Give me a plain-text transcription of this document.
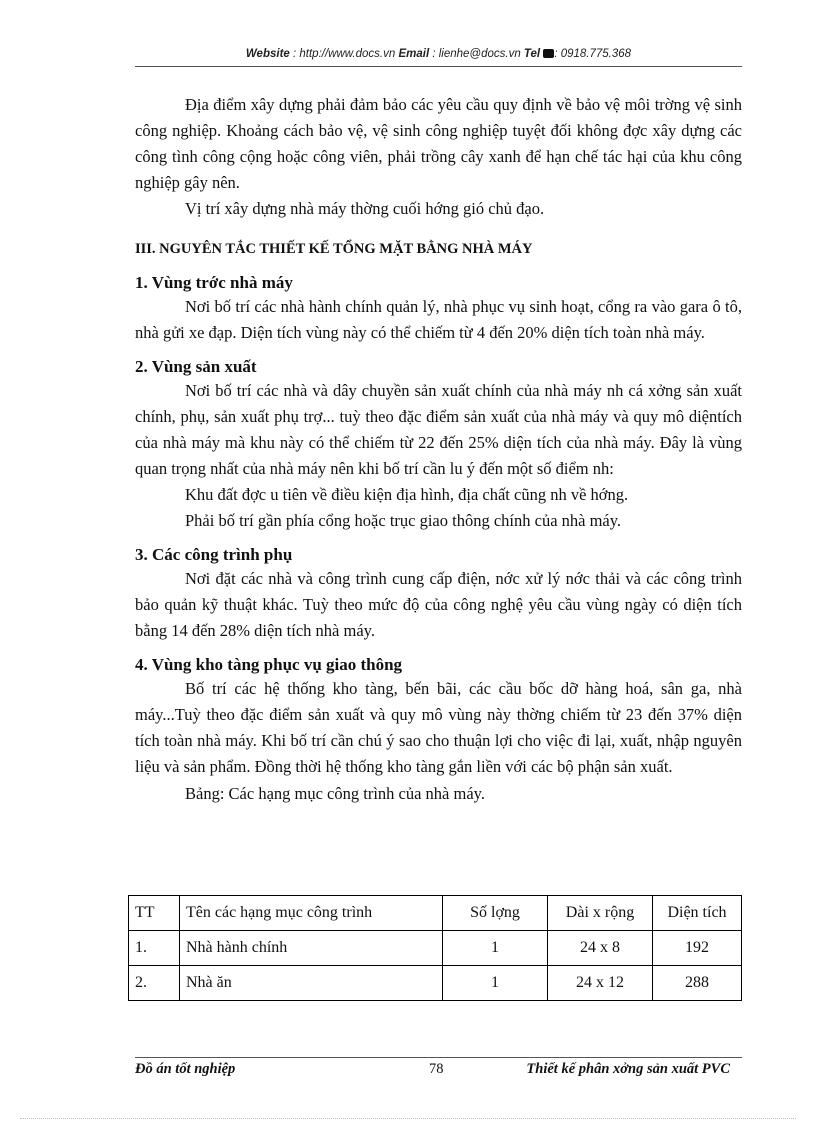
Website : http://www.docs.vn Email : lienhe@docs.vn Tel : 0918.775.368

Địa điểm xây dựng phải đảm bảo các yêu cầu quy định về bảo vệ môi trờng vệ sinh công nghiệp. Khoảng cách bảo vệ, vệ sinh công nghiệp tuyệt đối không đợc xây dựng các công tình công cộng hoặc công viên, phải trồng cây xanh để hạn chế tác hại của khu công nghiệp gây nên.

Vị trí xây dựng nhà máy thờng cuối hớng gió chủ đạo.

III. NGUYÊN TẮC THIẾT KẾ TỔNG MẶT BẰNG NHÀ MÁY
1. Vùng trớc nhà máy

Nơi bố trí các nhà hành chính quản lý, nhà phục vụ sinh hoạt, cổng ra vào gara ô tô, nhà gửi xe đạp. Diện tích vùng này có thể chiếm từ 4 đến 20% diện tích toàn nhà máy.

2. Vùng sản xuất

Nơi bố trí các nhà và dây chuyền sản xuất chính của nhà máy nh cá xởng sản xuất chính, phụ, sản xuất phụ trợ... tuỳ theo đặc điểm sản xuất của nhà máy và quy mô diệntích của nhà máy mà khu này có thể chiếm từ 22 đến 25% diện tích của nhà máy. Đây là vùng quan trọng nhất của nhà máy nên khi bố trí cần lu ý đến một số điểm nh:

Khu đất đợc u tiên về điều kiện địa hình, địa chất cũng nh về hớng.

Phải bố trí gần phía cổng hoặc trục giao thông chính của nhà máy.

3. Các công trình phụ

Nơi đặt các nhà và công trình cung cấp điện, nớc xử lý nớc thải và các công trình bảo quản kỹ thuật khác. Tuỳ theo mức độ của công nghệ yêu cầu vùng ngày có diện tích bằng 14 đến 28% diện tích nhà máy.

4. Vùng kho tàng phục vụ giao thông

Bố trí các hệ thống kho tàng, bến bãi, các cầu bốc dỡ hàng hoá, sân ga, nhà máy...Tuỳ theo đặc điểm sản xuất và quy mô vùng này thờng chiếm từ 23 đến 37% diện tích toàn nhà máy. Khi bố trí cần chú ý sao cho thuận lợi cho việc đi lại, xuất, nhập nguyên liệu và sản phẩm. Đồng thời hệ thống kho tàng gắn liền với các bộ phận sản xuất.

Bảng: Các hạng mục công trình của nhà máy.
TT	Tên các hạng mục công trình	Số lợng	Dài x rộng	Diện tích
1.	Nhà hành chính	1	24 x 8	192
2.	Nhà ăn	1	24 x 12	288
Đồ án tốt nghiệp	78	Thiết kế phân xởng sản xuất PVC
